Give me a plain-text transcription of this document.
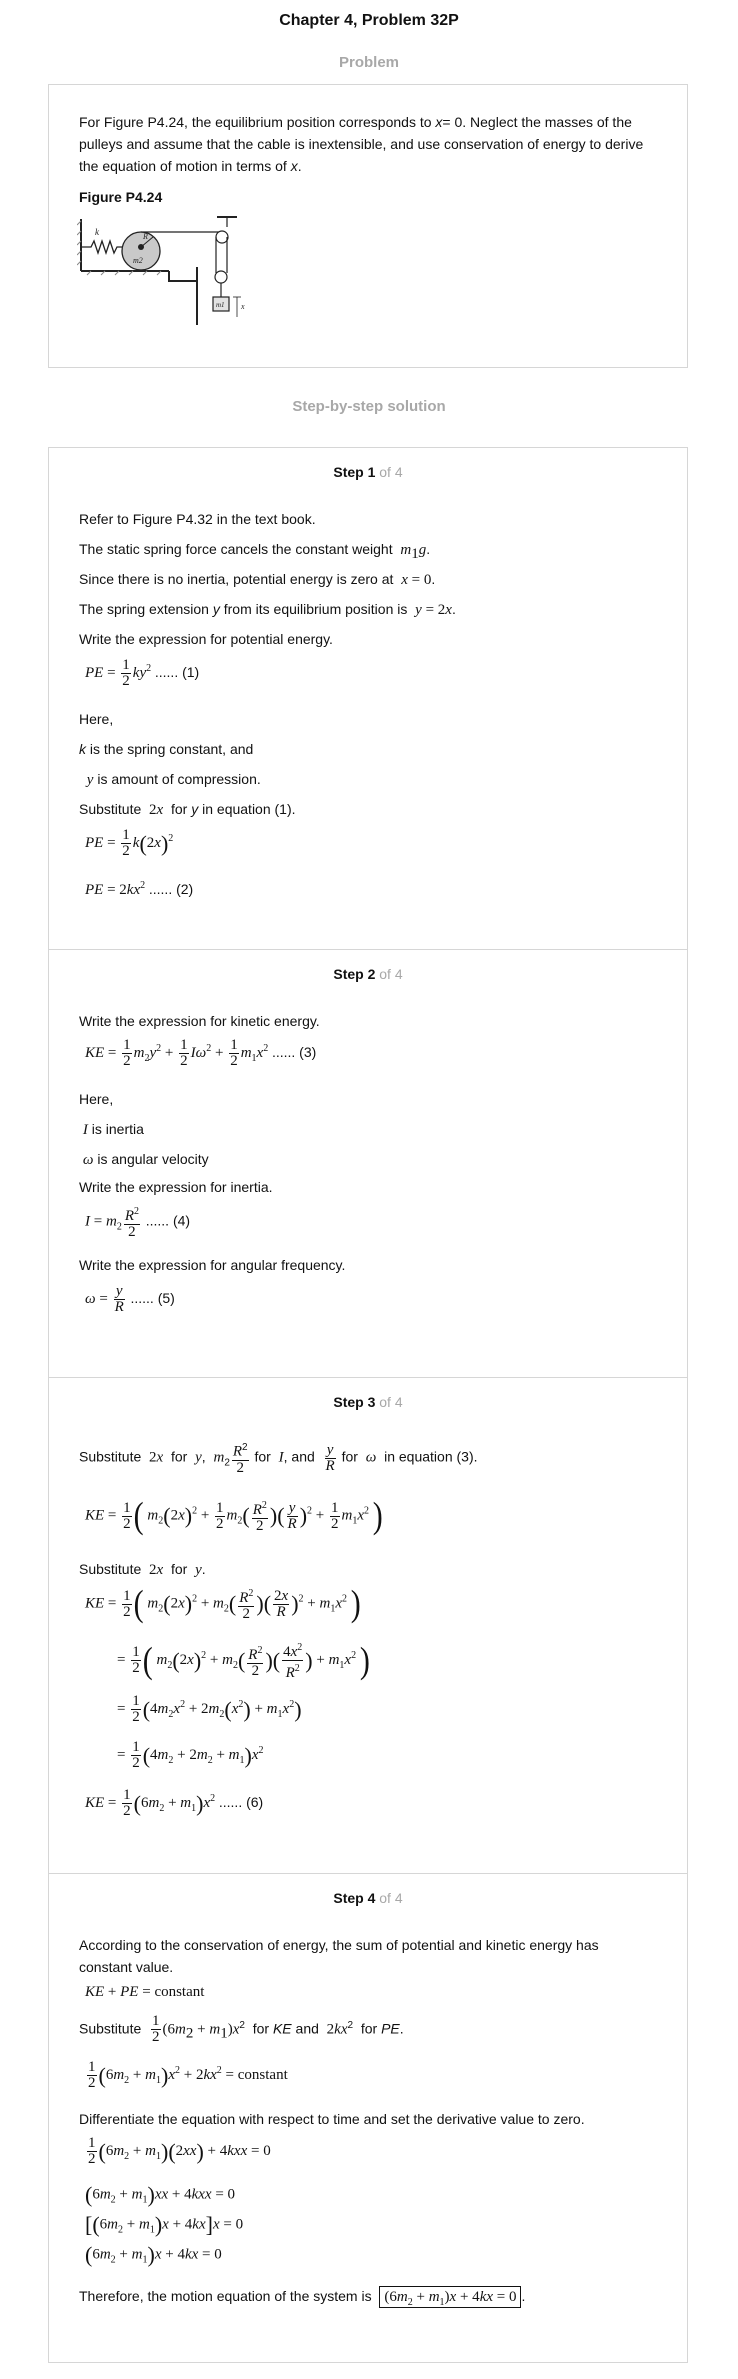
Chapter 4, Problem 32P
Problem
For Figure P4.24, the equilibrium position corresponds to x= 0. Neglect the masses of the pulleys and assume that the cable is inextensible, and use conservation of energy to derive the equation of motion in terms of x.
Figure P4.24
k	R
m2
m1 x
Step-by-step solution
Step 1 of 4
Refer to Figure P4.32 in the text book.
The static spring force cancels the constant weight $m_1g$.
Since there is no inertia, potential energy is zero at x = 0.
The spring extension y from its equilibrium position is y = 2x.
Write the expression for potential energy.
PE = $\frac{1}{2} ky^2$ ...... (1)
Here,
k is the spring constant, and
y is amount of compression.
Substitute 2x for y in equation (1).
PE = $\frac{1}{2} k(2x)^2$
PE = $2kx^2$ ...... (2)
Step 2 of 4
Write the expression for kinetic energy.
KE = $\frac{1}{2} m_2y^2 + \frac{1}{2} I\omega^2 + \frac{1}{2} m_1x^2$ ...... (3)
Here,
I is inertia
ω is angular velocity
Write the expression for inertia.
$I = m_2 \frac{R^2}{2}$ ...... (4)
Write the expression for angular frequency.
$\omega = \frac{y}{R}$ ...... (5)
Step 3 of 4
Substitute 2x for y, $m_2 \frac{R^2}{2}$ for I, and $\frac{y}{R}$ for ω in equation (3).
KE = $\frac{1}{2}$ ( $m_2(2x)^2 + \frac{1}{2} m_2( \frac{R^2}{2}$ )( $\frac{y}{R} )^2 + \frac{1}{2} m_1x^2$ )
Substitute 2x for y.
KE = $\frac{1}{2}$ ( $m_2(2x)^2 + m_2( \frac{R^2}{2}$ )( $\frac{2x}{R} )^2 + m_1x^2$ )
= $\frac{1}{2}$ ( $m_2(2x)^2 + m_2( \frac{R^2}{2}$ )( $\frac{4x^2}{R^2}$ ) + $m_1x^2$ )
= $\frac{1}{2} (4m_2x^2 + 2m_2(x^2) + m_1x^2)$
= $\frac{1}{2} (4m_2 + 2m_2 + m_1)x^2$
KE = $\frac{1}{2} (6m_2 + m_1)x^2$ ...... (6)
Step 4 of 4
According to the conservation of energy, the sum of potential and kinetic energy has
constant value.
KE + PE = constant
Substitute $\frac{1}{2} (6m_2 + m_1)x^2$ for KE and $2kx^2$ for PE.
$\frac{1}{2} (6m_2 + m_1)x^2 + 2kx^2$ = constant
Differentiate the equation with respect to time and set the derivative value to zero.
$\frac{1}{2} (6m_2 + m_1)(2xx) + 4kxx = 0$
$(6m_2 + m_1)xx + 4kxx = 0$
$[(6m_2 + m_1)x + 4kx]x = 0$
$(6m_2 + m_1)x + 4kx = 0$
Therefore, the motion equation of the system is $(6m_2 + m_1)x + 4kx = 0$ .
